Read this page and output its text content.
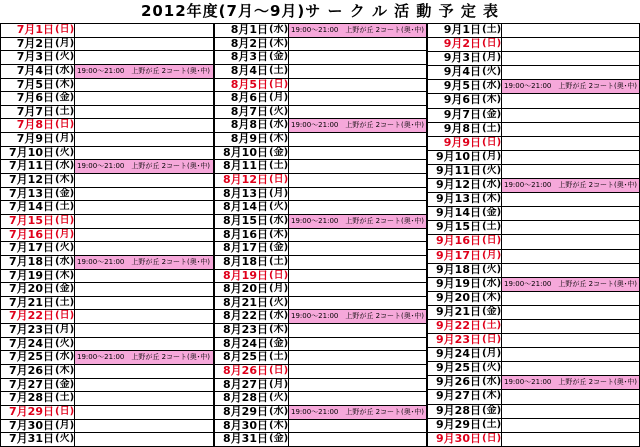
2012年度(7月～9月)サ ー ク ル 活 動 予 定 表
7月1日 (日)
7月2日 (月)
7月3日 (火)
7月4日 (水) 19:00～21:00　上野が丘 2コート(奥･中)
7月5日 (木)
7月6日 (金)
7月7日 (土)
7月8日 (日)
7月9日 (月)
7月10日 (火)
7月11日 (水) 19:00～21:00　上野が丘 2コート(奥･中)
7月12日 (木)
7月13日 (金)
7月14日 (土)
7月15日 (日)
7月16日 (月)
7月17日 (火)
7月18日 (水) 19:00～21:00　上野が丘 2コート(奥･中)
7月19日 (木)
7月20日 (金)
7月21日 (土)
7月22日 (日)
7月23日 (月)
7月24日 (火)
7月25日 (水) 19:00～21:00　上野が丘 2コート(奥･中)
7月26日 (木)
7月27日 (金)
7月28日 (土)
7月29日 (日)
7月30日 (月)
7月31日 (火)
8月1日 (水) 19:00～21:00　上野が丘 2コート(奥･中)
8月2日 (木)
8月3日 (金)
8月4日 (土)
8月5日 (日)
8月6日 (月)
8月7日 (火)
8月8日 (水) 19:00～21:00　上野が丘 2コート(奥･中)
8月9日 (木)
8月10日 (金)
8月11日 (土)
8月12日 (日)
8月13日 (月)
8月14日 (火)
8月15日 (水) 19:00～21:00　上野が丘 2コート(奥･中)
8月16日 (木)
8月17日 (金)
8月18日 (土)
8月19日 (日)
8月20日 (月)
8月21日 (火)
8月22日 (水) 19:00～21:00　上野が丘 2コート(奥･中)
8月23日 (木)
8月24日 (金)
8月25日 (土)
8月26日 (日)
8月27日 (月)
8月28日 (火)
8月29日 (水) 19:00～21:00　上野が丘 2コート(奥･中)
8月30日 (木)
8月31日 (金)
9月1日 (土)
9月2日 (日)
9月3日 (月)
9月4日 (火)
9月5日 (水) 19:00～21:00　上野が丘 2コート(奥･中)
9月6日 (木)
9月7日 (金)
9月8日 (土)
9月9日 (日)
9月10日 (月)
9月11日 (火)
9月12日 (水) 19:00～21:00　上野が丘 2コート(奥･中)
9月13日 (木)
9月14日 (金)
9月15日 (土)
9月16日 (日)
9月17日 (月)
9月18日 (火)
9月19日 (水) 19:00～21:00　上野が丘 2コート(奥･中)
9月20日 (木)
9月21日 (金)
9月22日 (土)
9月23日 (日)
9月24日 (月)
9月25日 (火)
9月26日 (水) 19:00～21:00　上野が丘 2コート(奥･中)
9月27日 (木)
9月28日 (金)
9月29日 (土)
9月30日 (日)
